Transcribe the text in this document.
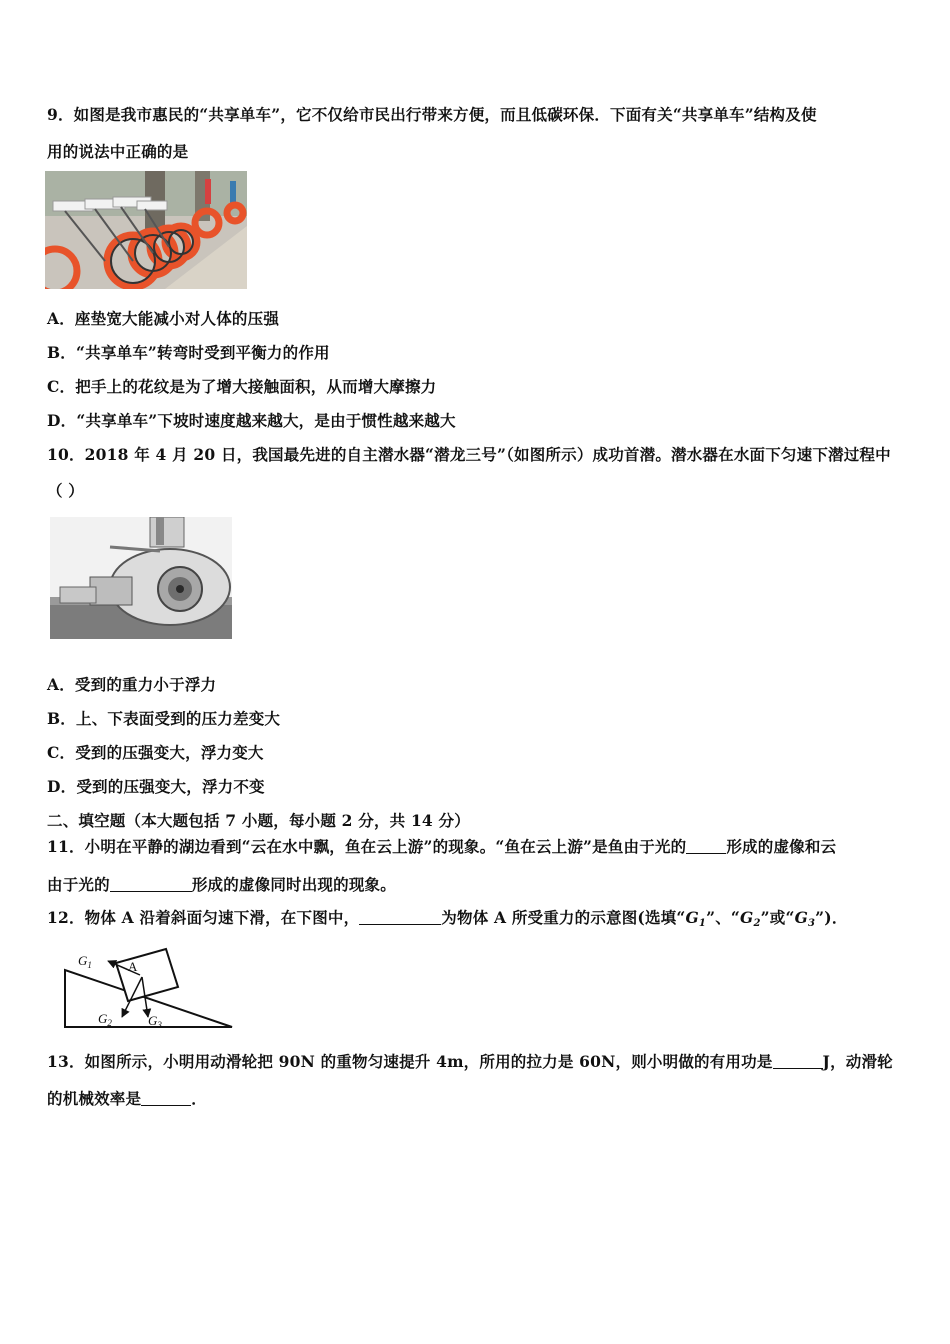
9．如图是我市惠民的“共享单车”，它不仅给市民出行带来方便，而且低碳环保．下面有关“共享单车”结构及使
用的说法中正确的是
A．座垫宽大能减小对人体的压强
B．“共享单车”转弯时受到平衡力的作用
C．把手上的花纹是为了增大接触面积，从而增大摩擦力
D．“共享单车”下坡时速度越来越大，是由于惯性越来越大
10．2018 年 4 月 20 日，我国最先进的自主潜水器“潜龙三号”（如图所示）成功首潜。潜水器在水面下匀速下潜过程中
（ ）
A．受到的重力小于浮力
B．上、下表面受到的压力差变大
C．受到的压强变大，浮力变大
D．受到的压强变大，浮力不变
二、填空题（本大题包括 7 小题，每小题 2 分，共 14 分）
11．小明在平静的湖边看到“云在水中飘，鱼在云上游”的现象。“鱼在云上游”是鱼由于光的	形成的虚像和云
由于光的	形成的虚像同时出现的现象。
12．物体 A 沿着斜面匀速下滑，在下图中，	为物体 A 所受重力的示意图(选填“$G_1$”、“$G_2$”或“$G_3$”)．
$G_1$	A
$G_2$	$G_3$
13．如图所示，小明用动滑轮把 90N 的重物匀速提升 4m，所用的拉力是 60N，则小明做的有用功是	J，动滑轮
的机械效率是	．
